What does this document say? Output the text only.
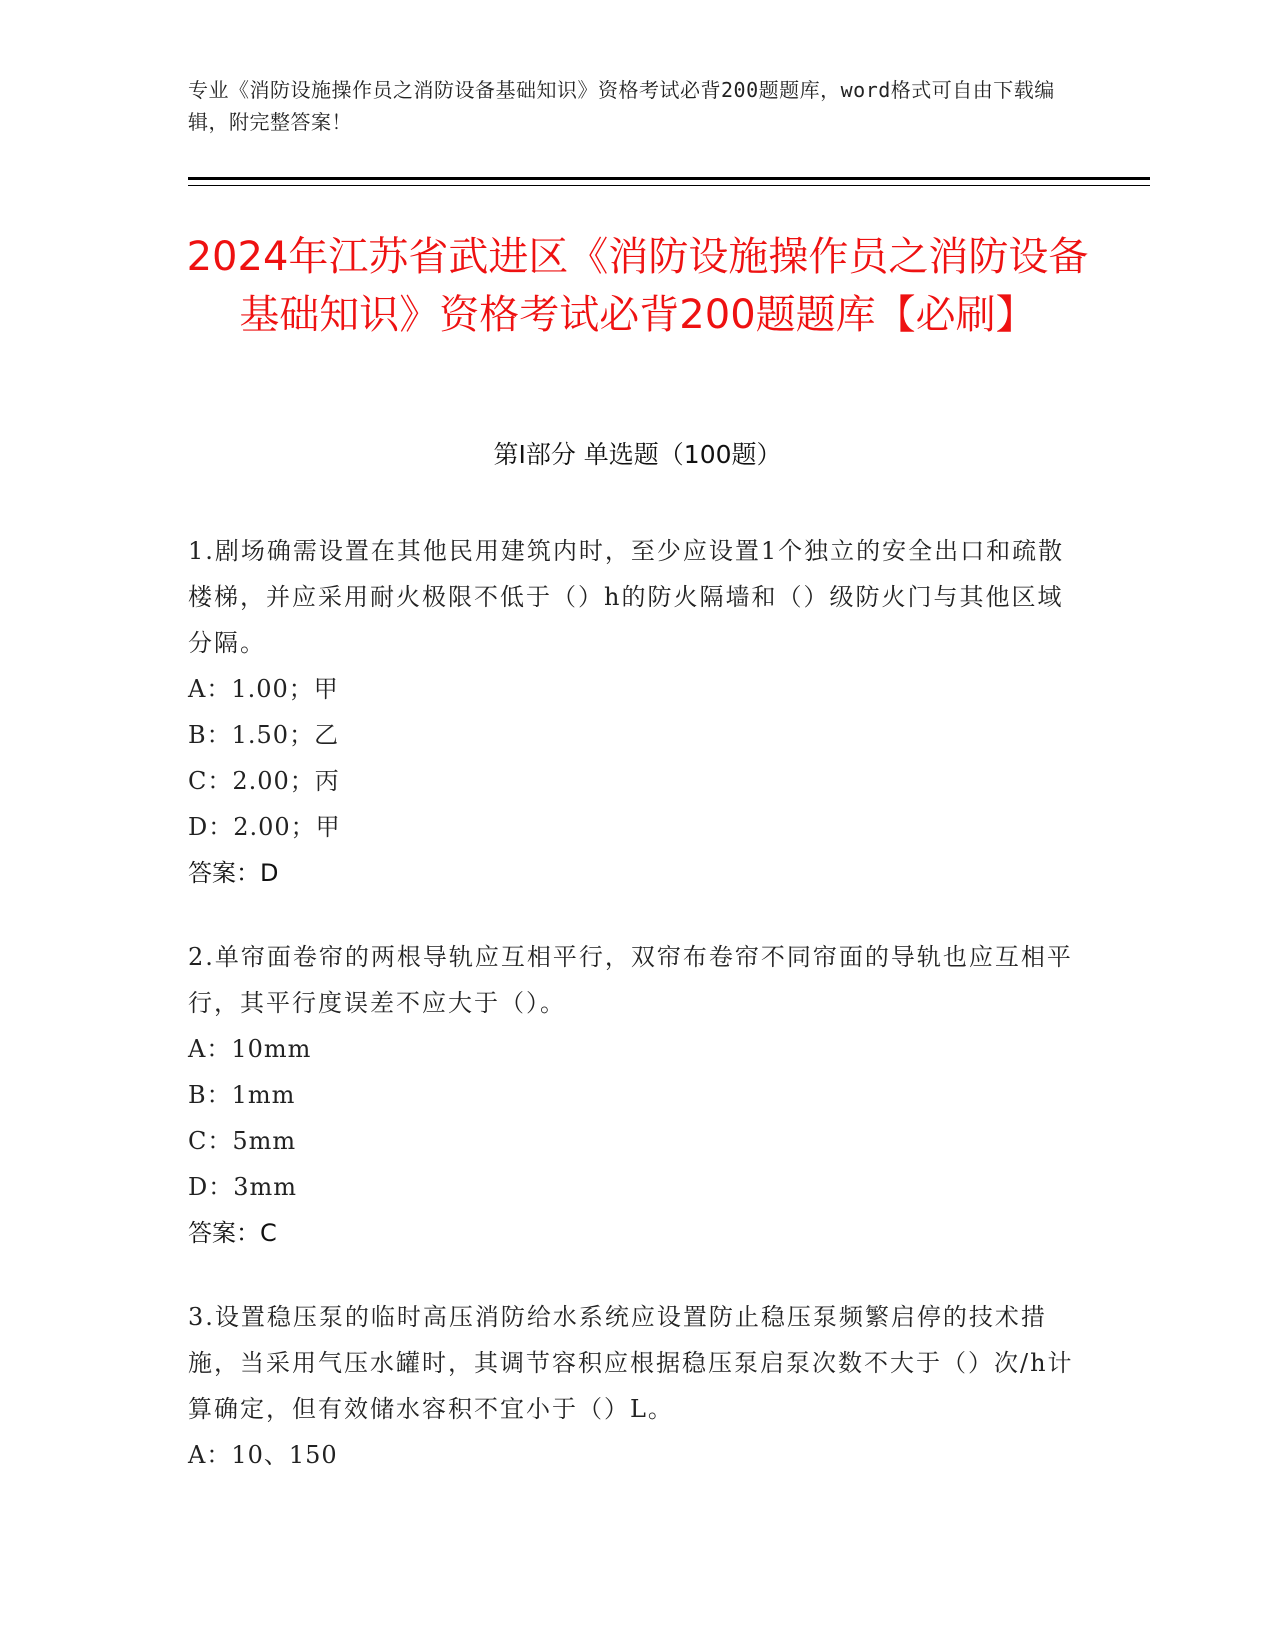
专业《消防设施操作员之消防设备基础知识》资格考试必背200题题库，word格式可自由下载编辑，附完整答案！
2024年江苏省武进区《消防设施操作员之消防设备基础知识》资格考试必背200题题库【必刷】
第Ⅰ部分 单选题（100题）

1.剧场确需设置在其他民用建筑内时，至少应设置1个独立的安全出口和疏散楼梯，并应采用耐火极限不低于（）h的防火隔墙和（）级防火门与其他区域分隔。

A：1.00；甲

B：1.50；乙

C：2.00；丙

D：2.00；甲

答案：D

2.单帘面卷帘的两根导轨应互相平行，双帘布卷帘不同帘面的导轨也应互相平行，其平行度误差不应大于（）。

A：10mm

B：1mm

C：5mm

D：3mm

答案：C

3.设置稳压泵的临时高压消防给水系统应设置防止稳压泵频繁启停的技术措施，当采用气压水罐时，其调节容积应根据稳压泵启泵次数不大于（）次/h计算确定，但有效储水容积不宜小于（）L。

A：10、150
